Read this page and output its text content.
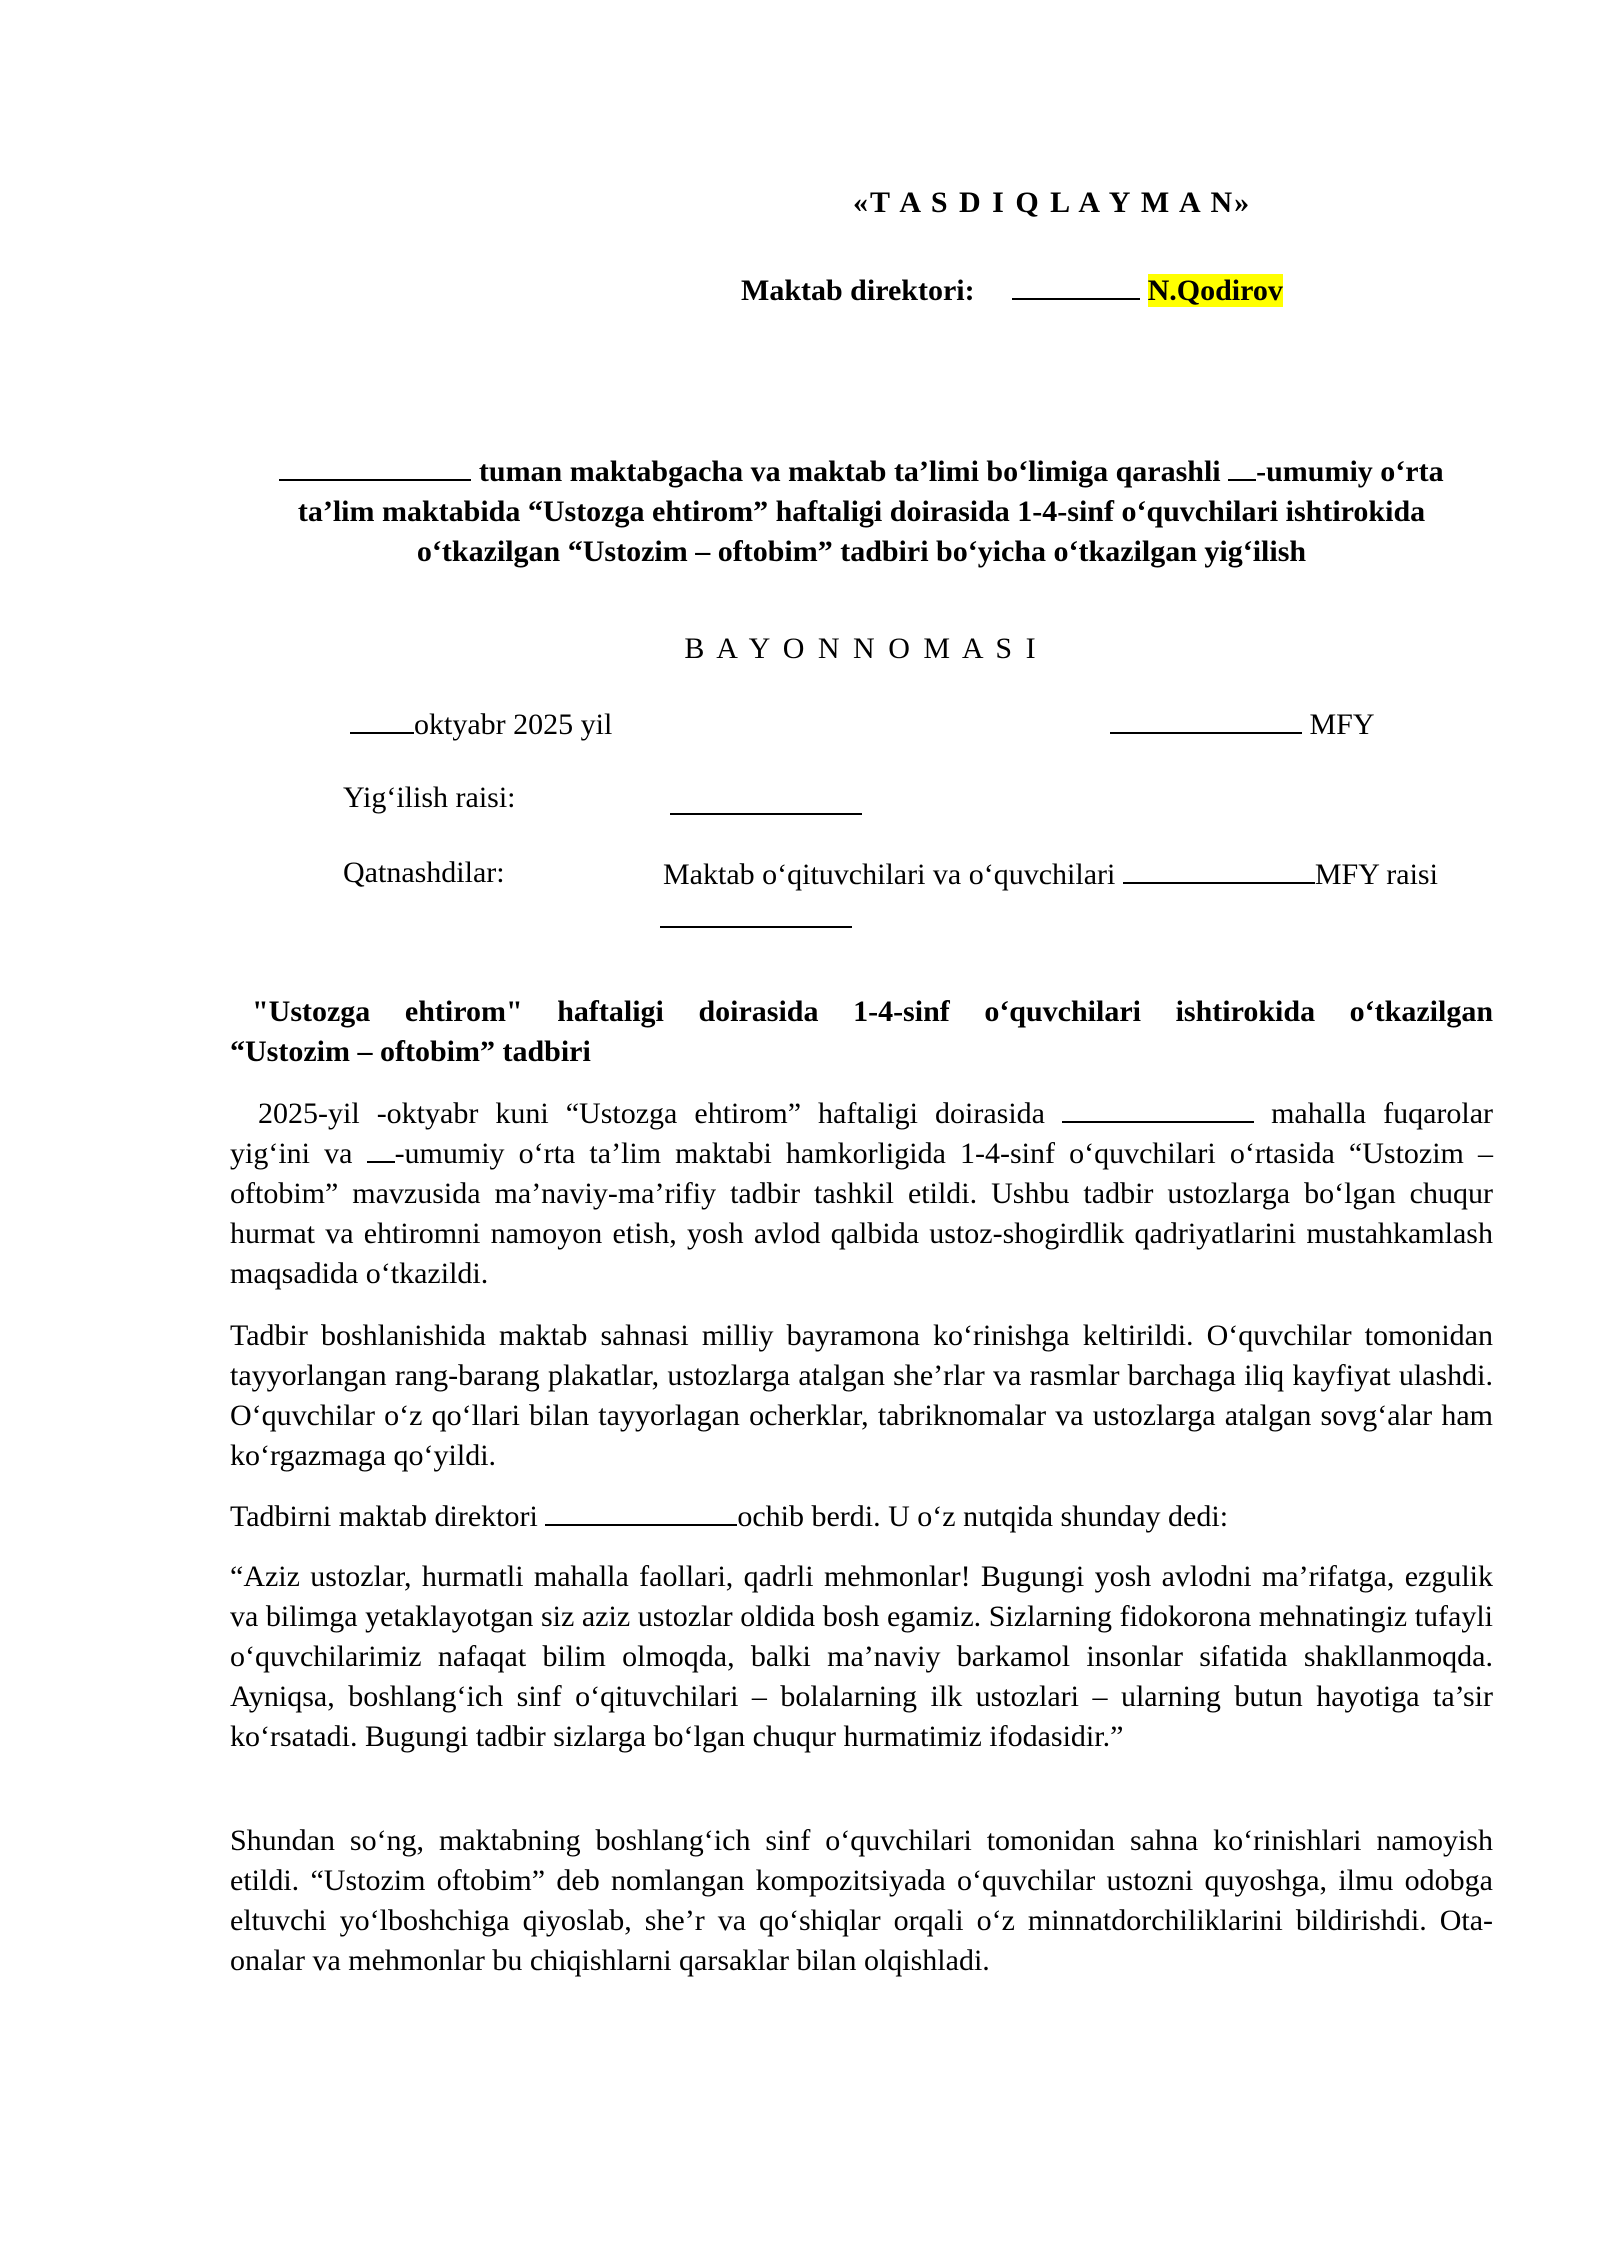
«T A S D I Q L A Y M A N»
Maktab direktori:	N.Qodirov
tuman maktabgacha va maktab ta’limi bo‘limiga qarashli -umumiy o‘rta
ta’lim maktabida “Ustozga ehtirom” haftaligi doirasida 1-4-sinf o‘quvchilari ishtirokida
o‘tkazilgan “Ustozim – oftobim” tadbiri bo‘yicha o‘tkazilgan yig‘ilish
B A Y O N N O M A S I
oktyabr 2025 yil	MFY
Yig‘ilish raisi:
Qatnashdilar:	Maktab o‘qituvchilari va o‘quvchilari	MFY raisi
"Ustozga ehtirom" haftaligi doirasida 1-4-sinf o‘quvchilari ishtirokida o‘tkazilgan
“Ustozim – oftobim” tadbiri
2025-yil -oktyabr kuni “Ustozga ehtirom” haftaligi doirasida	mahalla fuqarolar yig‘ini va -umumiy o‘rta ta’lim maktabi hamkorligida 1-4-sinf o‘quvchilari o‘rtasida “Ustozim – oftobim” mavzusida ma’naviy-ma’rifiy tadbir tashkil etildi. Ushbu tadbir ustozlarga bo‘lgan chuqur hurmat va ehtiromni namoyon etish, yosh avlod qalbida ustoz-shogirdlik qadriyatlarini mustahkamlash maqsadida o‘tkazildi.
Tadbir boshlanishida maktab sahnasi milliy bayramona ko‘rinishga keltirildi. O‘quvchilar tomonidan tayyorlangan rang-barang plakatlar, ustozlarga atalgan she’rlar va rasmlar barchaga iliq kayfiyat ulashdi. O‘quvchilar o‘z qo‘llari bilan tayyorlagan ocherklar, tabriknomalar va ustozlarga atalgan sovg‘alar ham ko‘rgazmaga qo‘yildi.
Tadbirni maktab direktori	ochib berdi. U o‘z nutqida shunday dedi:
“Aziz ustozlar, hurmatli mahalla faollari, qadrli mehmonlar! Bugungi yosh avlodni ma’rifatga, ezgulik va bilimga yetaklayotgan siz aziz ustozlar oldida bosh egamiz. Sizlarning fidokorona mehnatingiz tufayli o‘quvchilarimiz nafaqat bilim olmoqda, balki ma’naviy barkamol insonlar sifatida shakllanmoqda. Ayniqsa, boshlang‘ich sinf o‘qituvchilari – bolalarning ilk ustozlari – ularning butun hayotiga ta’sir ko‘rsatadi. Bugungi tadbir sizlarga bo‘lgan chuqur hurmatimiz ifodasidir.”
Shundan so‘ng, maktabning boshlang‘ich sinf o‘quvchilari tomonidan sahna ko‘rinishlari namoyish etildi. “Ustozim oftobim” deb nomlangan kompozitsiyada o‘quvchilar ustozni quyoshga, ilmu odobga eltuvchi yo‘lboshchiga qiyoslab, she’r va qo‘shiqlar orqali o‘z minnatdorchiliklarini bildirishdi. Ota-onalar va mehmonlar bu chiqishlarni qarsaklar bilan olqishladi.
